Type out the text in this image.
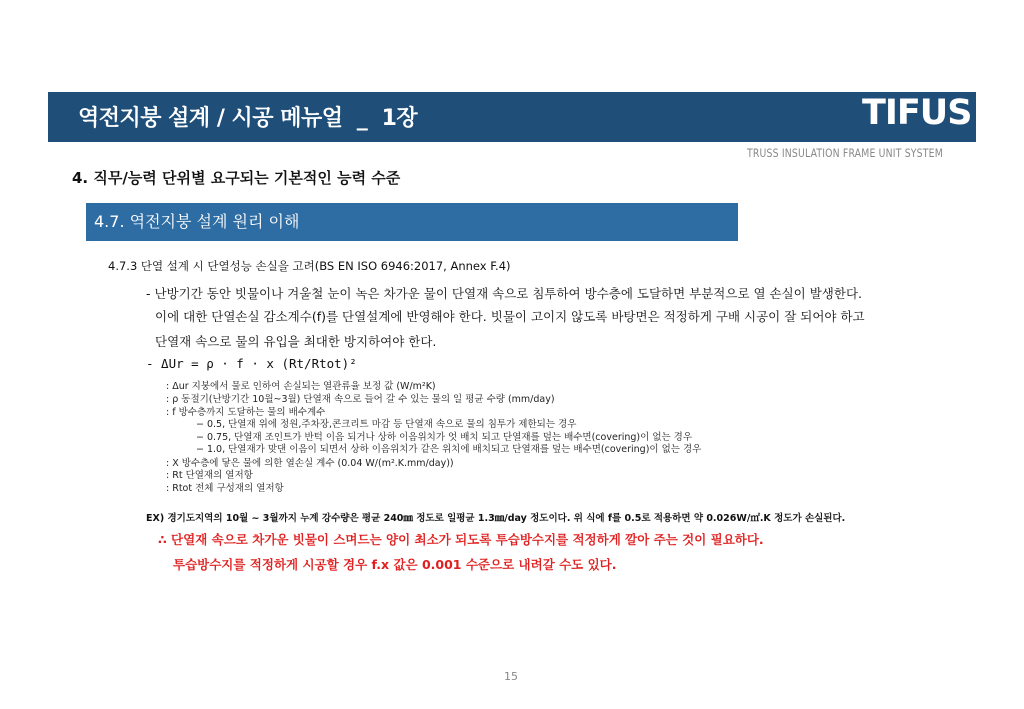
역전지붕 설계 / 시공 메뉴얼  _  1장	TIFUS
TRUSS INSULATION FRAME UNIT SYSTEM
4. 직무/능력 단위별 요구되는 기본적인 능력 수준
4.7. 역전지붕 설계 원리 이해
4.7.3 단열 설계 시 단열성능 손실을 고려(BS EN ISO 6946:2017, Annex F.4)
- 난방기간 동안 빗물이나 겨울철 눈이 녹은 차가운 물이 단열재 속으로 침투하여 방수층에 도달하면 부분적으로 열 손실이 발생한다.
이에 대한 단열손실 감소계수(f)를 단열설계에 반영해야 한다. 빗물이 고이지 않도록 바탕면은 적정하게 구배 시공이 잘 되어야 하고
단열재 속으로 물의 유입을 최대한 방지하여야 한다.
- ΔUr = ρ · f · x (Rt/Rtot)²
: Δur 지붕에서 물로 인하여 손실되는 열관류율 보정 값 (W/m²K)
: ρ 동절기(난방기간 10월~3월) 단열재 속으로 들어 갈 수 있는 물의 일 평균 수량 (mm/day)
: f 방수층까지 도달하는 물의 배수계수
− 0.5, 단열재 위에 정원,주차장,콘크리트 마감 등 단열재 속으로 물의 침투가 제한되는 경우
− 0.75, 단열재 조인트가 반턱 이음 되거나 상하 이음위치가 엇 배치 되고 단열재를 덮는 배수면(covering)이 없는 경우
− 1.0, 단열재가 맞댄 이음이 되면서 상하 이음위치가 같은 위치에 배치되고 단열재를 덮는 배수면(covering)이 없는 경우
: X 방수층에 닿은 물에 의한 열손실 계수 (0.04 W/(m².K.mm/day))
: Rt 단열재의 열저항
: Rtot 전체 구성재의 열저항
EX) 경기도지역의 10월 ~ 3월까지 누계 강수량은 평균 240㎜ 정도로 일평균 1.3㎜/day 정도이다. 위 식에 f를 0.5로 적용하면 약 0.026W/㎡.K 정도가 손실된다.
∴ 단열재 속으로 차가운 빗물이 스며드는 양이 최소가 되도록 투습방수지를 적정하게 깔아 주는 것이 필요하다.
투습방수지를 적정하게 시공할 경우 f.x 값은 0.001 수준으로 내려갈 수도 있다.
15
